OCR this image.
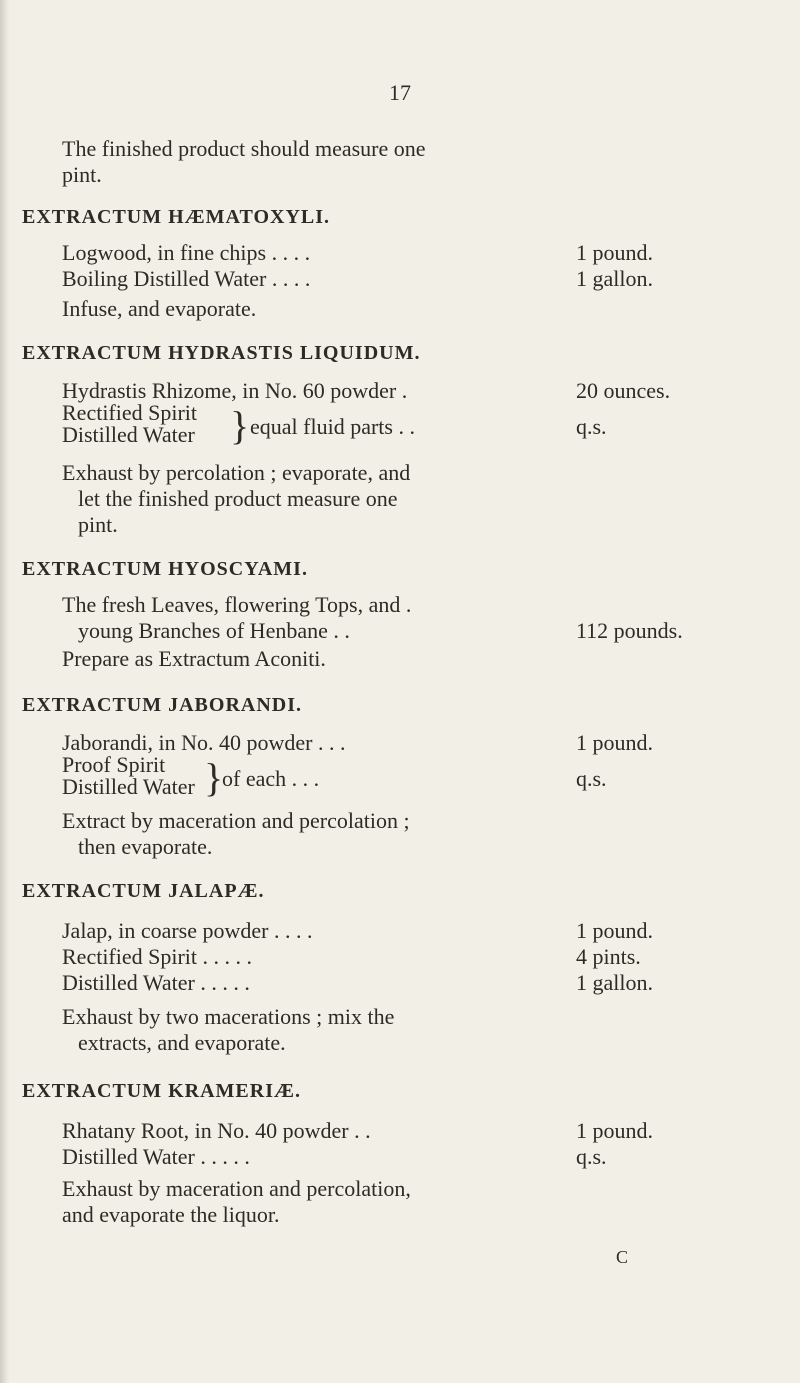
17
The finished product should measure one
pint.
EXTRACTUM HÆMATOXYLI.
Logwood, in fine chips . . . .	1 pound.
Boiling Distilled Water . . . .	1 gallon.
Infuse, and evaporate.
EXTRACTUM HYDRASTIS LIQUIDUM.
Hydrastis Rhizome, in No. 60 powder .	20 ounces.
Rectified Spirit
Distilled Water } equal fluid parts . .	q.s.
Exhaust by percolation ; evaporate, and
let the finished product measure one
pint.
EXTRACTUM HYOSCYAMI.
The fresh Leaves, flowering Tops, and .
young Branches of Henbane . .	112 pounds.
Prepare as Extractum Aconiti.
EXTRACTUM JABORANDI.
Jaborandi, in No. 40 powder . . .	1 pound.
Proof Spirit
Distilled Water }
of each . . .	q.s.
Extract by maceration and percolation ;
then evaporate.
EXTRACTUM JALAPÆ.
Jalap, in coarse powder . . . .	1 pound.
Rectified Spirit . . . . .	4 pints.
Distilled Water . . . . .	1 gallon.
Exhaust by two macerations ; mix the
extracts, and evaporate.
EXTRACTUM KRAMERIÆ.
Rhatany Root, in No. 40 powder . .	1 pound.
Distilled Water . . . . .	q.s.
Exhaust by maceration and percolation,
and evaporate the liquor.
C
